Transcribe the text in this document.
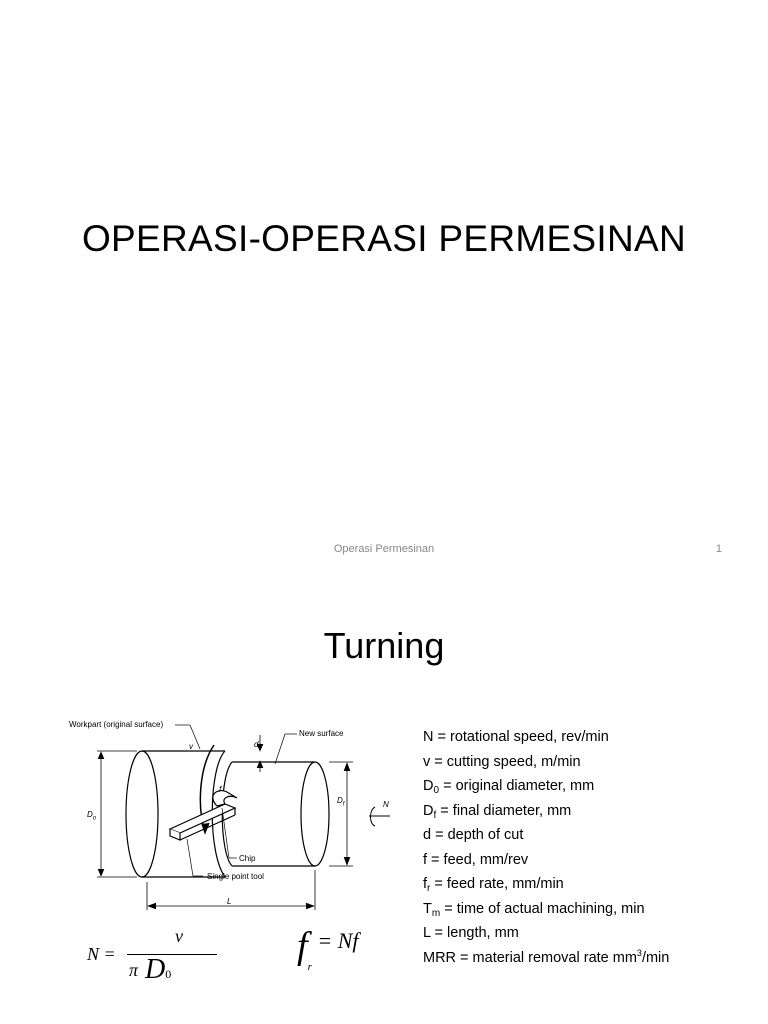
OPERASI-OPERASI PERMESINAN
Operasi Permesinan	1
Turning
Workpart (original surface)
New surface
v	d
f
N
$D_o$
$D_f$
Chip
Single point tool
L
N =
v
π D0
$f_r = Nf$
N = rotational speed, rev/min
v = cutting speed, m/min
$D_0$ = original diameter, mm
$D_f$ = final diameter, mm
d = depth of cut
f = feed, mm/rev
$f_r$ = feed rate, mm/min
$T_m$ = time of actual machining, min
L = length, mm
MRR = material removal rate $mm^3/\min$
